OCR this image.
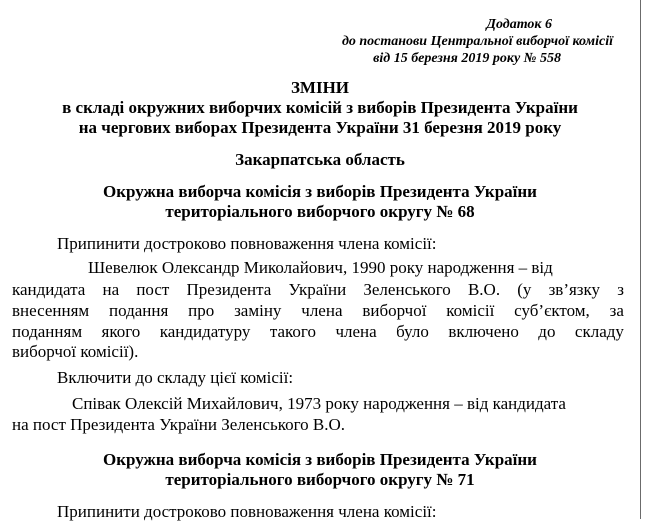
Додаток 6
до постанови Центральної виборчої комісії
від 15 березня 2019 року № 558
ЗМІНИ
в складі окружних виборчих комісій з виборів Президента України
на чергових виборах Президента України 31 березня 2019 року
Закарпатська область
Окружна виборча комісія з виборів Президента України
територіального виборчого округу № 68
Припинити достроково повноваження члена комісії:
Шевелюк Олександр Миколайович, 1990 року народження – від
кандидата на пост Президента України Зеленського В.О. (у зв’язку з
внесенням подання про заміну члена виборчої комісії суб’єктом, за
поданням якого кандидатуру такого члена було включено до складу
виборчої комісії).
Включити до складу цієї комісії:
Співак Олексій Михайлович, 1973 року народження – від кандидата
на пост Президента України Зеленського В.О.
Окружна виборча комісія з виборів Президента України
територіального виборчого округу № 71
Припинити достроково повноваження члена комісії:
